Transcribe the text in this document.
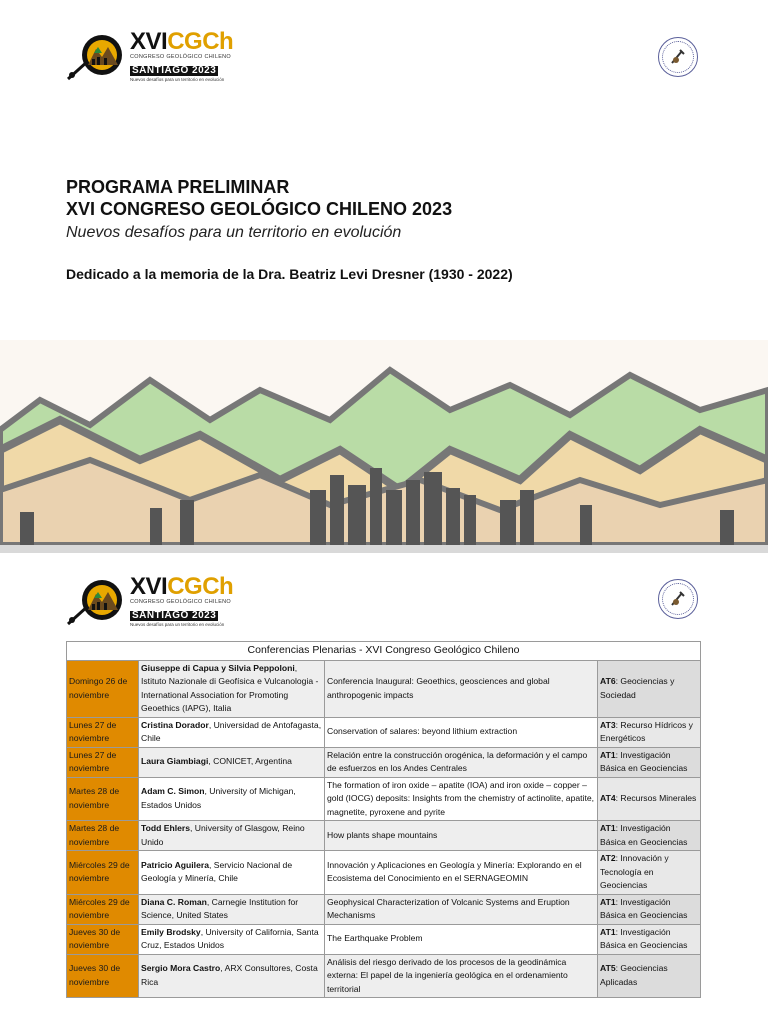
XVICGCh
CONGRESO GEOLÓGICO CHILENO
SANTIAGO 2023
Nuevos desafíos para un territorio en evolución
PROGRAMA PRELIMINAR
XVI CONGRESO GEOLÓGICO CHILENO 2023
Nuevos desafíos para un territorio en evolución
Dedicado a la memoria de la Dra. Beatriz Levi Dresner (1930 - 2022)
XVICGCh
CONGRESO GEOLÓGICO CHILENO
SANTIAGO 2023
Nuevos desafíos para un territorio en evolución
Conferencias Plenarias - XVI Congreso Geológico Chileno			
Domingo 26 de noviembre	Giuseppe di Capua y Silvia Peppoloni, Istituto Nazionale di Geofísica e Vulcanologia - International Association for Promoting Geoethics (IAPG), Italia	Conferencia Inaugural: Geoethics, geosciences and global anthropogenic impacts	AT6: Geociencias y Sociedad
Lunes 27 de noviembre	Cristina Dorador, Universidad de Antofagasta, Chile	Conservation of salares: beyond lithium extraction	AT3: Recurso Hídricos y Energéticos
Lunes 27 de noviembre	Laura Giambiagi, CONICET, Argentina	Relación entre la construcción orogénica, la deformación y el campo de esfuerzos en los Andes Centrales	AT1: Investigación Básica en Geociencias
Martes 28 de noviembre	Adam C. Simon, University of Michigan, Estados Unidos	The formation of iron oxide – apatite (IOA) and iron oxide – copper – gold (IOCG) deposits: Insights from the chemistry of actinolite, apatite, magnetite, pyroxene and pyrite	AT4: Recursos Minerales
Martes 28 de noviembre	Todd Ehlers, University of Glasgow, Reino Unido	How plants shape mountains	AT1: Investigación Básica en Geociencias
Miércoles 29 de noviembre	Patricio Aguilera, Servicio Nacional de Geología y Minería, Chile	Innovación y Aplicaciones en Geología y Minería: Explorando en el Ecosistema del Conocimiento en el SERNAGEOMIN	AT2: Innovación y Tecnología en Geociencias
Miércoles 29 de noviembre	Diana C. Roman, Carnegie Institution for Science, United States	Geophysical Characterization of Volcanic Systems and Eruption Mechanisms	AT1: Investigación Básica en Geociencias
Jueves 30 de noviembre	Emily Brodsky, University of California, Santa Cruz, Estados Unidos	The Earthquake Problem	AT1: Investigación Básica en Geociencias
Jueves 30 de noviembre	Sergio Mora Castro, ARX Consultores, Costa Rica	Análisis del riesgo derivado de los procesos de la geodinámica externa: El papel de la ingeniería geológica en el ordenamiento territorial	AT5: Geociencias Aplicadas
